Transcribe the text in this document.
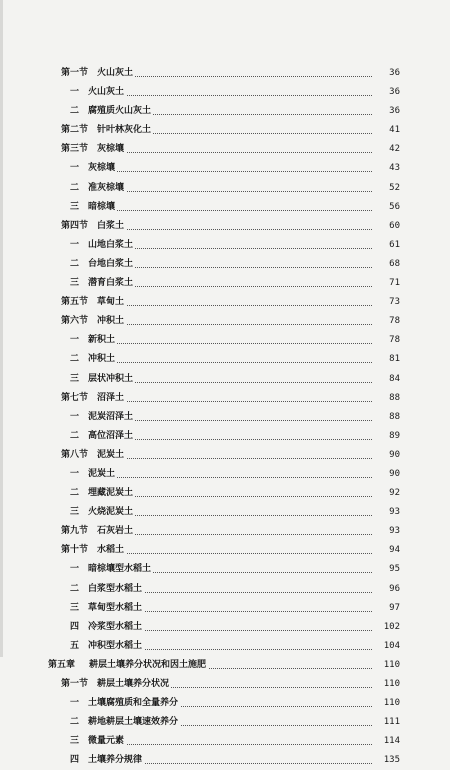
第一节 火山灰土	36
一 火山灰土	36
二 腐殖质火山灰土	36
第二节 针叶林灰化土	41
第三节 灰棕壤	42
一 灰棕壤	43
二 准灰棕壤	52
三 暗棕壤	56
第四节 白浆土	60
一 山地白浆土	61
二 台地白浆土	68
三 潜育白浆土	71
第五节 草甸土	73
第六节 冲积土	78
一 新积土	78
二 冲积土	81
三 层状冲积土	84
第七节 沼泽土	88
一 泥炭沼泽土	88
二 高位沼泽土	89
第八节 泥炭土	90
一 泥炭土	90
二 埋藏泥炭土	92
三 火烧泥炭土	93
第九节 石灰岩土	93
第十节 水稻土	94
一 暗棕壤型水稻土	95
二 白浆型水稻土	96
三 草甸型水稻土	97
四 冷浆型水稻土	102
五 冲积型水稻土	104
第五章 耕层土壤养分状况和因土施肥	110
第一节 耕层土壤养分状况	110
一 土壤腐殖质和全量养分	110
二 耕地耕层土壤速效养分	111
三 微量元素	114
四 土壤养分规律	135
